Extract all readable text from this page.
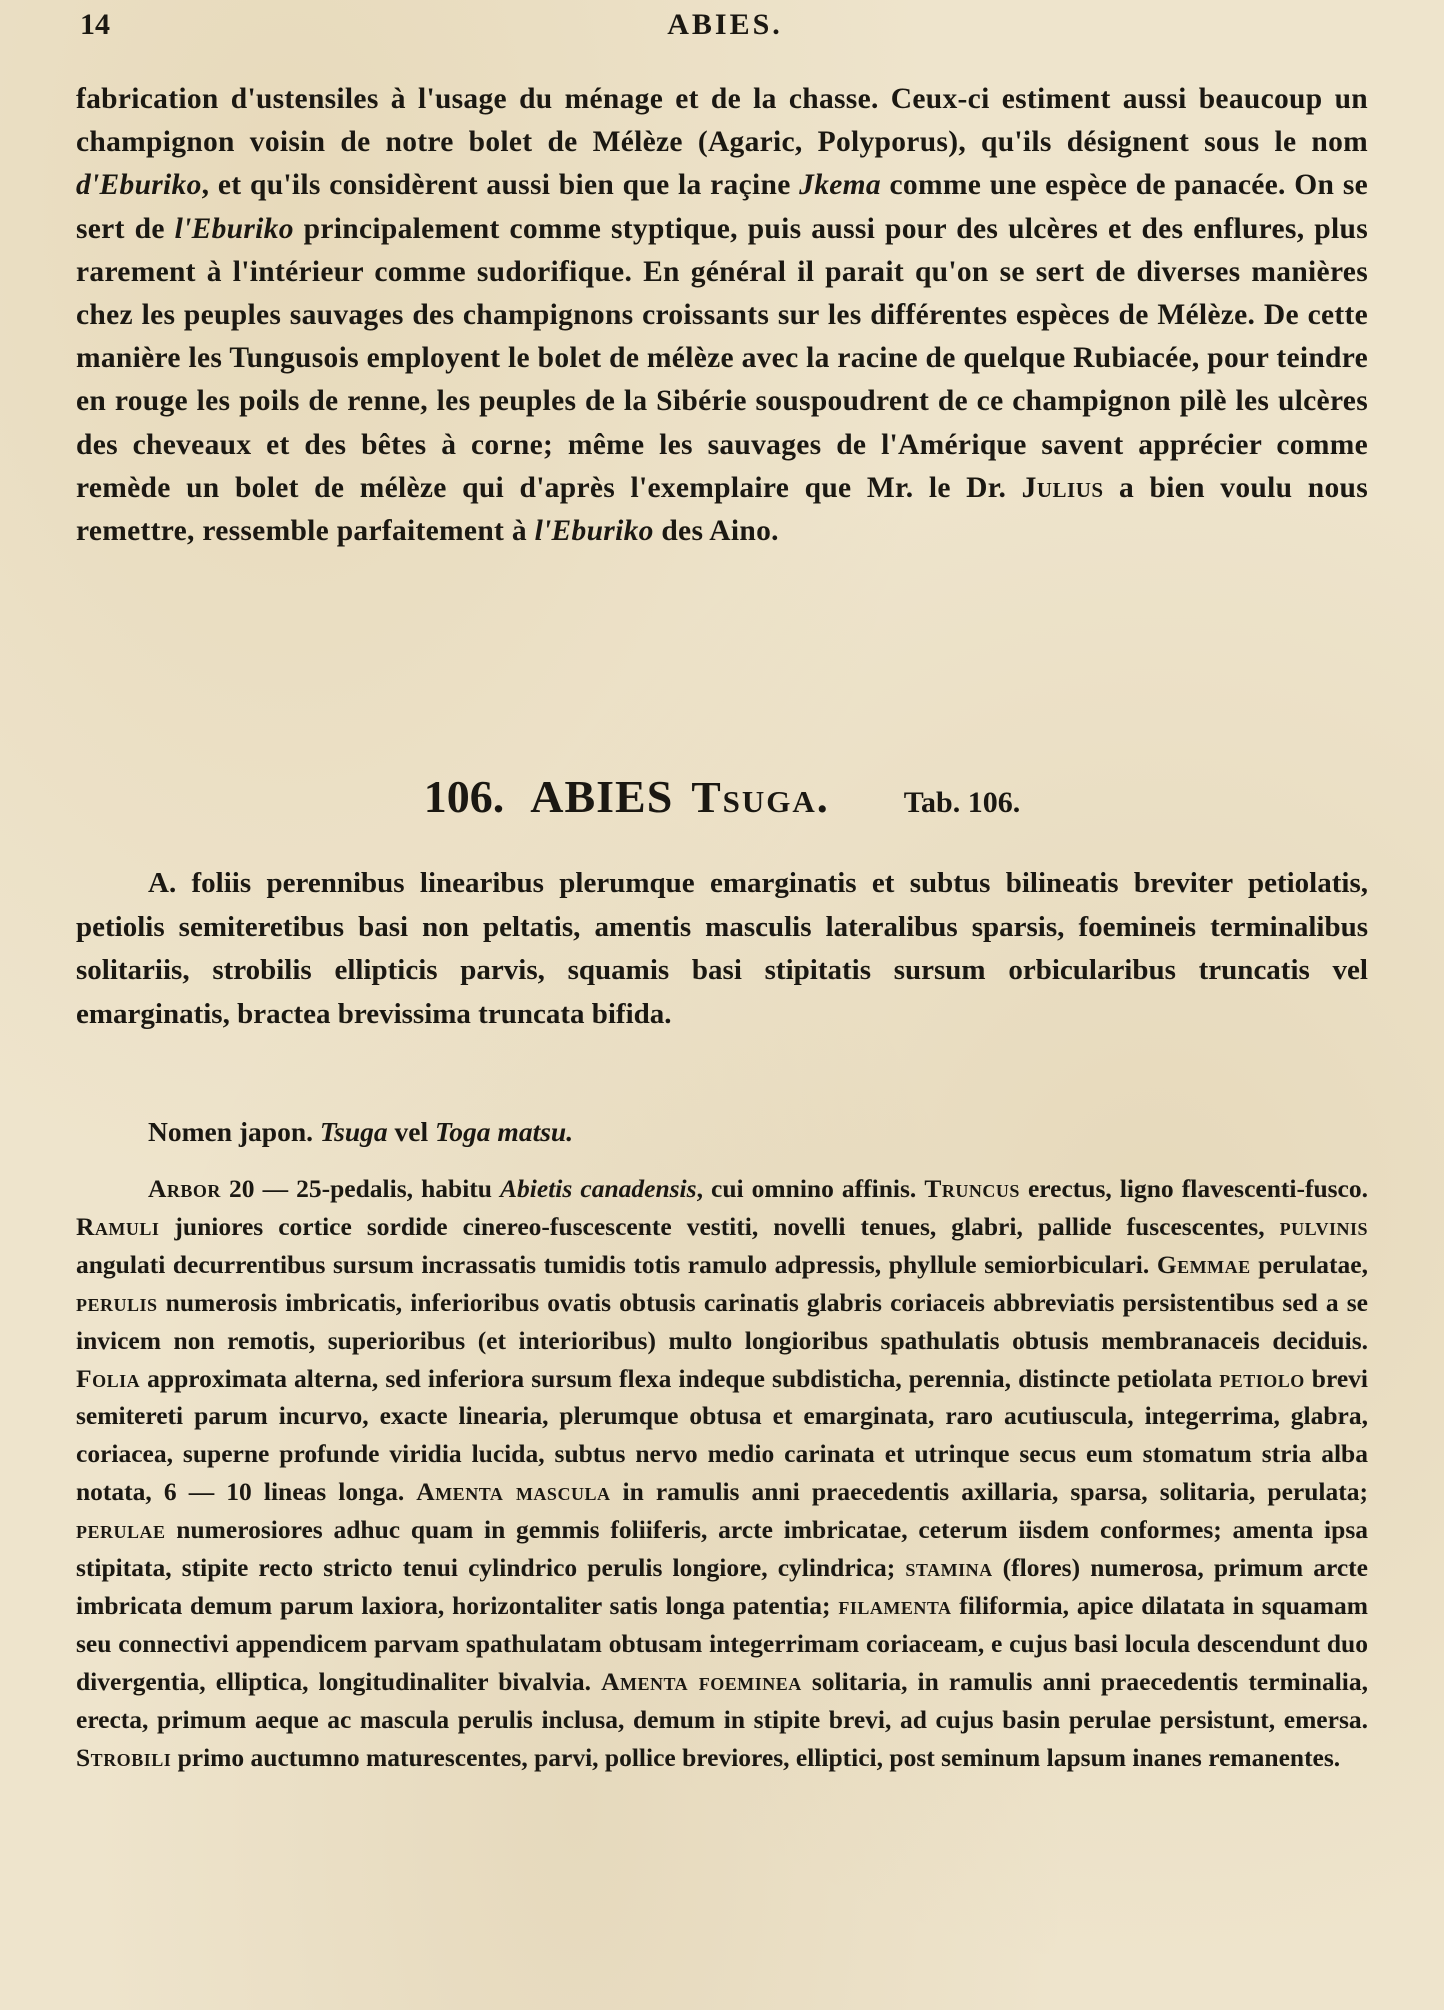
14	ABIES.
fabrication d'ustensiles à l'usage du ménage et de la chasse. Ceux-ci estiment aussi beaucoup un champignon voisin de notre bolet de Mélèze (Agaric, Polyporus), qu'ils désignent sous le nom d'Eburiko, et qu'ils considèrent aussi bien que la raçine Jkema comme une espèce de panacée. On se sert de l'Eburiko principalement comme styptique, puis aussi pour des ulcères et des enflures, plus rarement à l'intérieur comme sudorifique. En général il parait qu'on se sert de diverses manières chez les peuples sauvages des champignons croissants sur les différentes espèces de Mélèze. De cette manière les Tungusois employent le bolet de mélèze avec la racine de quelque Rubiacée, pour teindre en rouge les poils de renne, les peuples de la Sibérie souspoudrent de ce champignon pilè les ulcères des cheveaux et des bêtes à corne; même les sauvages de l'Amérique savent apprécier comme remède un bolet de mélèze qui d'après l'exemplaire que Mr. le Dr. Julius a bien voulu nous remettre, ressemble parfaitement à l'Eburiko des Aino.
106. ABIES Tsuga. Tab. 106.
A. foliis perennibus linearibus plerumque emarginatis et subtus bilineatis breviter petiolatis, petiolis semiteretibus basi non peltatis, amentis masculis lateralibus sparsis, foemineis terminalibus solitariis, strobilis ellipticis parvis, squamis basi stipitatis sursum orbicularibus truncatis vel emarginatis, bractea brevissima truncata bifida.
Nomen japon. Tsuga vel Toga matsu.
Arbor 20 — 25-pedalis, habitu Abietis canadensis, cui omnino affinis. Truncus erectus, ligno flavescenti-fusco. Ramuli juniores cortice sordide cinereo-fuscescente vestiti, novelli tenues, glabri, pallide fuscescentes, pulvinis angulati decurrentibus sursum incrassatis tumidis totis ramulo adpressis, phyllule semiorbiculari. Gemmae perulatae, perulis numerosis imbricatis, inferioribus ovatis obtusis carinatis glabris coriaceis abbreviatis persistentibus sed a se invicem non remotis, superioribus (et interioribus) multo longioribus spathulatis obtusis membranaceis deciduis. Folia approximata alterna, sed inferiora sursum flexa indeque subdisticha, perennia, distincte petiolata petiolo brevi semitereti parum incurvo, exacte linearia, plerumque obtusa et emarginata, raro acutiuscula, integerrima, glabra, coriacea, superne profunde viridia lucida, subtus nervo medio carinata et utrinque secus eum stomatum stria alba notata, 6 — 10 lineas longa. Amenta mascula in ramulis anni praecedentis axillaria, sparsa, solitaria, perulata; perulae numerosiores adhuc quam in gemmis foliiferis, arcte imbricatae, ceterum iisdem conformes; amenta ipsa stipitata, stipite recto stricto tenui cylindrico perulis longiore, cylindrica; stamina (flores) numerosa, primum arcte imbricata demum parum laxiora, horizontaliter satis longa patentia; filamenta filiformia, apice dilatata in squamam seu connectivi appendicem parvam spathulatam obtusam integerrimam coriaceam, e cujus basi locula descendunt duo divergentia, elliptica, longitudinaliter bivalvia. Amenta foeminea solitaria, in ramulis anni praecedentis terminalia, erecta, primum aeque ac mascula perulis inclusa, demum in stipite brevi, ad cujus basin perulae persistunt, emersa. Strobili primo auctumno maturescentes, parvi, pollice breviores, elliptici, post seminum lapsum inanes remanentes.
